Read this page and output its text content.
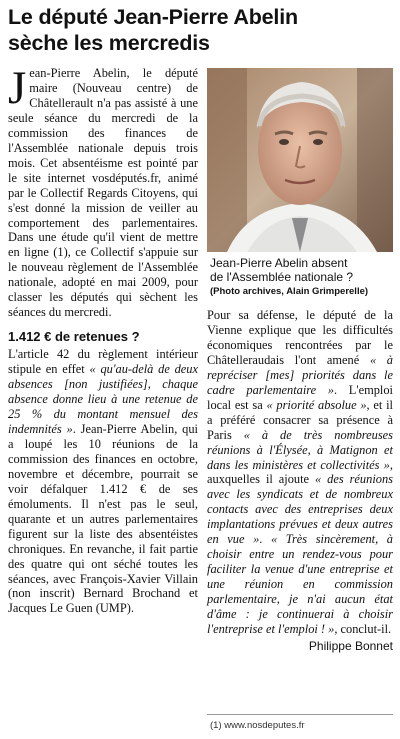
Le député Jean-Pierre Abelin
sèche les mercredis

Jean-Pierre Abelin, le député maire (Nouveau centre) de Châtellerault n'a pas assisté à une seule séance du mercredi de la commission des finances de l'Assemblée nationale depuis trois mois. Cet absentéisme est pointé par le site internet vosdéputés.fr, animé par le Collectif Regards Citoyens, qui s'est donné la mission de veiller au comportement des parlementaires. Dans une étude qu'il vient de mettre en ligne (1), ce Collectif s'appuie sur le nouveau règlement de l'Assemblée nationale, adopté en mai 2009, pour classer les députés qui sèchent les séances du mercredi.

1.412 € de retenues ?

L'article 42 du règlement intérieur stipule en effet « qu'au-delà de deux absences [non justifiées], chaque absence donne lieu à une retenue de 25 % du montant mensuel des indemnités ». Jean-Pierre Abelin, qui a loupé les 10 réunions de la commission des finances en octobre, novembre et décembre, pourrait se voir défalquer 1.412 € de ses émoluments. Il n'est pas le seul, quarante et un autres parlementaires figurent sur la liste des absentéistes chroniques. En revanche, il fait partie des quatre qui ont séché toutes les séances, avec François-Xavier Villain (non inscrit) Bernard Brochand et Jacques Le Guen (UMP).

Jean-Pierre Abelin absent
de l'Assemblée nationale ?
(Photo archives, Alain Grimperelle)

Pour sa défense, le député de la Vienne explique que les difficultés économiques rencontrées par le Châtelleraudais l'ont amené « à repréciser [mes] priorités dans le cadre parlementaire ». L'emploi local est sa « priorité absolue », et il a préféré consacrer sa présence à Paris « à de très nombreuses réunions à l'Élysée, à Matignon et dans les ministères et collectivités », auxquelles il ajoute « des réunions avec les syndicats et de nombreux contacts avec des entreprises deux implantations prévues et deux autres en vue ». « Très sincèrement, à choisir entre un rendez-vous pour faciliter la venue d'une entreprise et une réunion en commission parlementaire, je n'ai aucun état d'âme : je continuerai à choisir l'entreprise et l'emploi ! », conclut-il.

Philippe Bonnet

(1) www.nosdeputes.fr
